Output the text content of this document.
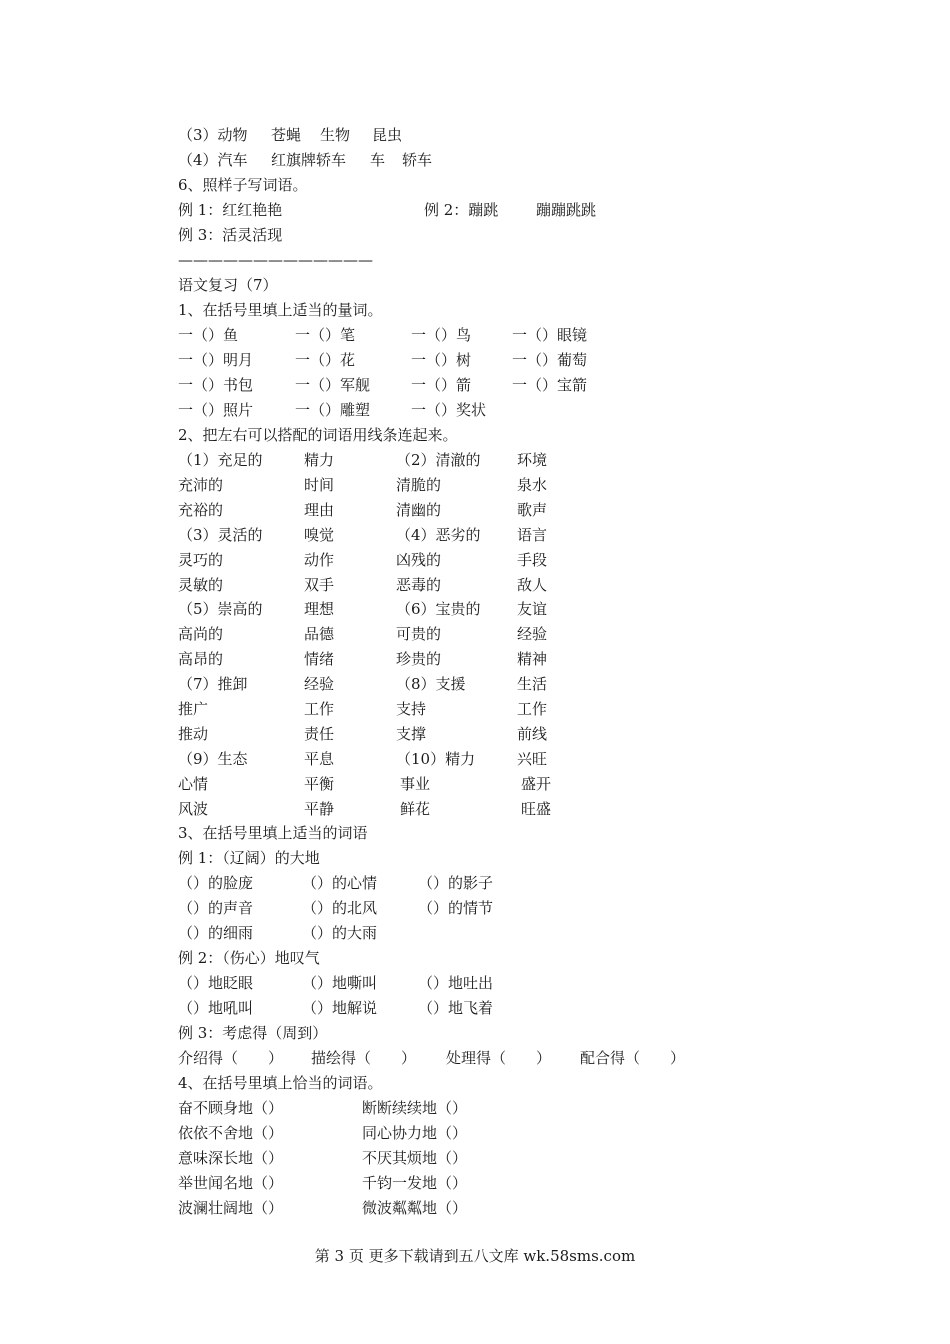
（3）动物

苍蝇

生物

昆虫

（4）汽车

红旗牌轿车

车

轿车

6、照样子写词语。

例 1：红红艳艳

	例 2：蹦跳

	蹦蹦跳跳

例 3：活灵活现
—————————————
语文复习（7）
1、在括号里填上适当的量词。

一（）鱼

	一（）笔

	一（）鸟

	一（）眼镜

一（）明月

	一（）花

	一（）树

	一（）葡萄

一（）书包

	一（）军舰

	一（）箭

	一（）宝箭

一（）照片

	一（）雕塑

	一（）奖状

2、把左右可以搭配的词语用线条连起来。
（1）充足的	精力	（2）清澈的 环境
充沛的	时间	清脆的	泉水
充裕的	理由	清幽的	歌声
（3）灵活的	嗅觉	（4）恶劣的 语言
灵巧的	动作	凶残的	手段
灵敏的	双手	恶毒的	敌人
（5）崇高的	理想	（6）宝贵的 友谊
高尚的	品德	可贵的	经验
高昂的	情绪	珍贵的	精神
（7）推卸	经验	（8）支援	生活
推广	工作	支持	工作
推动	责任	支撑	前线
（9）生态	平息	（10）精力	兴旺
心情	平衡	事业	盛开
风波	平静	鲜花	旺盛
3、在括号里填上适当的词语
例 1：（辽阔）的大地

（）的脸庞

	（）的心情

	（）的影子

（）的声音

	（）的北风

	（）的情节

（）的细雨

	（）的大雨

例 2：（伤心）地叹气

（）地眨眼

	（）地嘶叫

	（）地吐出

（）地吼叫

	（）地解说

	（）地飞着

例 3：考虑得（周到）

介绍得（　　）

描绘得（　　）

处理得（　　）

配合得（　　）

4、在括号里填上恰当的词语。
奋不顾身地（）	断断续续地（）
依依不舍地（）	同心协力地（）
意味深长地（）	不厌其烦地（）
举世闻名地（）	千钧一发地（）
波澜壮阔地（）	微波粼粼地（）
第 3 页 更多下载请到五八文库 wk.58sms.com
